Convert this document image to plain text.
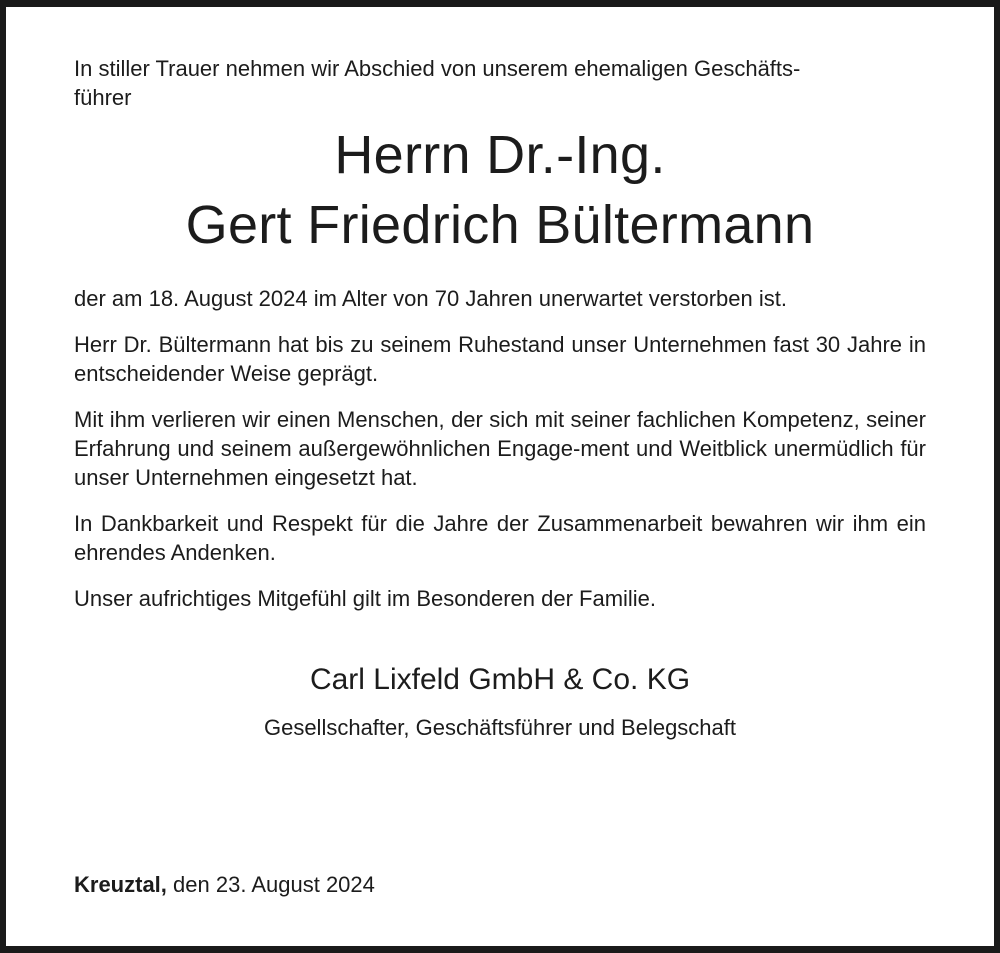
In stiller Trauer nehmen wir Abschied von unserem ehemaligen Geschäfts-
führer

Herrn Dr.-Ing.
Gert Friedrich Bültermann

der am 18. August 2024 im Alter von 70 Jahren unerwartet verstorben ist.

Herr Dr. Bültermann hat bis zu seinem Ruhestand unser Unternehmen fast 30 Jahre in entscheidender Weise geprägt.

Mit ihm verlieren wir einen Menschen, der sich mit seiner fachlichen Kompetenz, seiner Erfahrung und seinem außergewöhnlichen Engage-ment und Weitblick unermüdlich für unser Unternehmen eingesetzt hat.

In Dankbarkeit und Respekt für die Jahre der Zusammenarbeit bewahren wir ihm ein ehrendes Andenken.

Unser aufrichtiges Mitgefühl gilt im Besonderen der Familie.

Carl Lixfeld GmbH & Co. KG
Gesellschafter, Geschäftsführer und Belegschaft
Kreuztal, den 23. August 2024
